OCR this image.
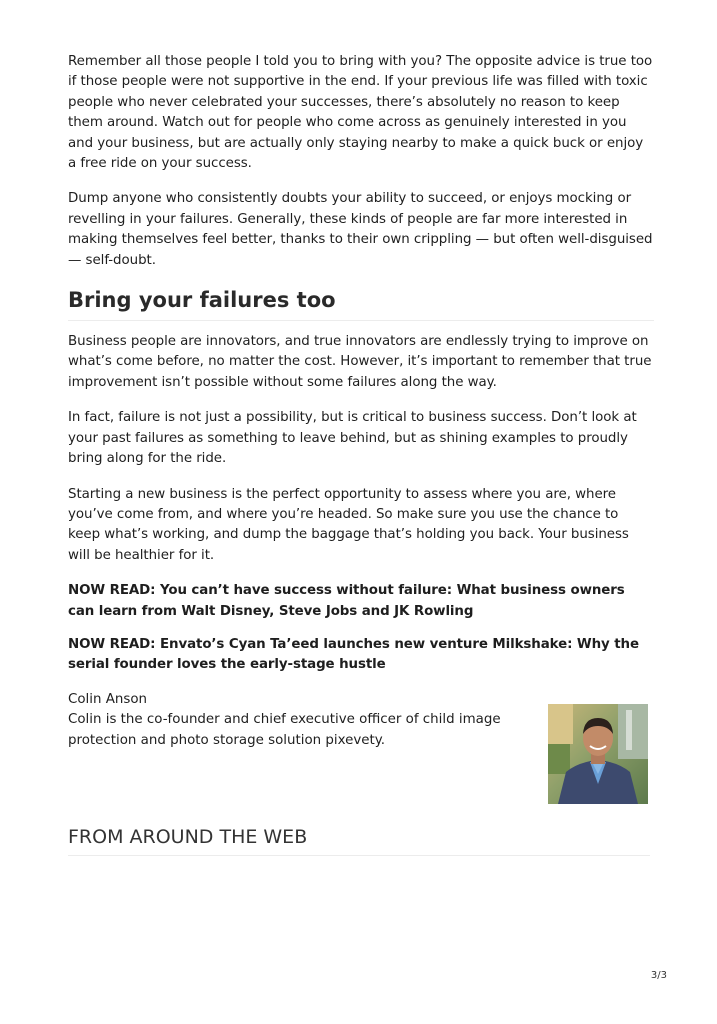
Remember all those people I told you to bring with you? The opposite advice is true too if those people were not supportive in the end. If your previous life was filled with toxic people who never celebrated your successes, there’s absolutely no reason to keep them around. Watch out for people who come across as genuinely interested in you and your business, but are actually only staying nearby to make a quick buck or enjoy a free ride on your success.

Dump anyone who consistently doubts your ability to succeed, or enjoys mocking or revelling in your failures. Generally, these kinds of people are far more interested in making themselves feel better, thanks to their own crippling — but often well-disguised — self-doubt.

Bring your failures too

Business people are innovators, and true innovators are endlessly trying to improve on what’s come before, no matter the cost. However, it’s important to remember that true improvement isn’t possible without some failures along the way.

In fact, failure is not just a possibility, but is critical to business success. Don’t look at your past failures as something to leave behind, but as shining examples to proudly bring along for the ride.

Starting a new business is the perfect opportunity to assess where you are, where you’ve come from, and where you’re headed. So make sure you use the chance to keep what’s working, and dump the baggage that’s holding you back. Your business will be healthier for it.

NOW READ: You can’t have success without failure: What business owners can learn from Walt Disney, Steve Jobs and JK Rowling

NOW READ: Envato’s Cyan Ta’eed launches new venture Milkshake: Why the serial founder loves the early-stage hustle

Colin Anson
Colin is the co-founder and chief executive officer of child image protection and photo storage solution pixevety.
FROM AROUND THE WEB
3/3
